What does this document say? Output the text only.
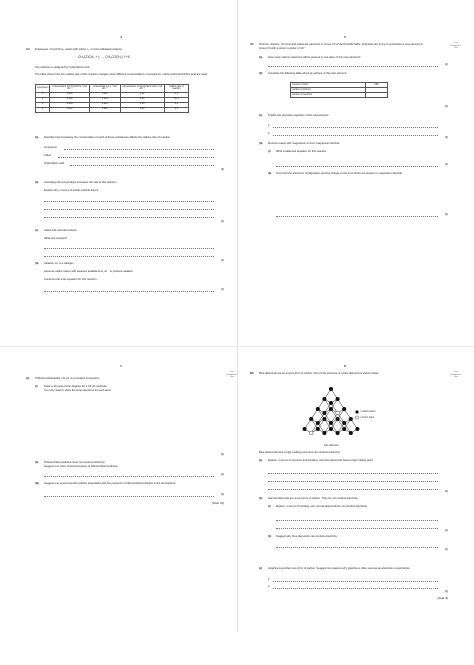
4
A4 Propanone, CH₃COCH₃, reacts with iodine, I₂, to form iodinated products.
CH₃COCH₃ + I₂ → CH₃COCH₂I + HI
The reaction is catalysed by hydrochloric acid.
The table shows how the relative rate of this reaction changes when different concentrations of propanone, iodine and hydrochloric acid are used.
experiment	concentration of CH₃COCH₃ / mol dm⁻³	concentration of I₂ / mol dm⁻³	concentration of hydrochloric acid / mol dm⁻³	relative rate of reaction
1	0.005	0.024	0.12	0.1
2	0.050	0.024	0.12	10.0
3	0.050	0.024	0.06	0.1
4	0.050	0.012	0.06	0.1
(a) Describe how increasing the concentration of each of these substances affects the relative rate of reaction.
propanone
iodine
hydrochloric acid
[3]
(b) Increasing the temperature increases the rate of this reaction.
Explain why, in terms of kinetic particle theory.
[2]
(c) Iodine has several isotopes.
What are isotopes?
[1]
(d) Astatine, At, is a halogen.
Aqueous iodine reacts with aqueous astatide ions, At⁻, to produce astatine.
Construct the ionic equation for this reaction.
[1]
5
For Examiner's Use
A5 Fluorine, chlorine, bromine and iodine are elements in Group VII of the Periodic Table. Scientists are trying to synthesise a new element in Group VII with a proton number of 117.
(a) How many valency electrons will be present in one atom of this new element?
[1]
(b) Complete the following table about an isotope of this new element.
nucleon number	280
number of protons	
number of neutrons	
[2]
(c) Predict two physical properties of this new element.
1
2
[2]
(d) Fluorine reacts with magnesium to form magnesium fluoride.
(i) Write a balanced equation for this reaction.
[1]
(ii) Give both the electronic configuration and the charge on the ions which are present in magnesium fluoride.
[2]
7
For Examiner's Use
(e) Trifluoromethanethiol, CF₃Cl, is a covalent compound.
(i) Draw a 'dot-and-cross' diagram for a CF₃Cl molecule.
You only need to show the outer electrons for each atom.
[2]
(ii) Trifluorochloromethane does not conduct electricity.
Suggest one other physical property of trifluorochloromethane.
[1]
(iii) Suggest one environmental problem associated with the presence of trifluorochloromethane in the atmosphere.
[1]
[Total: 10]
8
For Examiner's Use
B6 Blue diamonds are an impure form of carbon. Part of the structure of a blue diamond is shown below.
= carbon atom
= boron atom
blue diamond
Blue diamonds have a high melting point and can conduct electricity.
(a) Explain, in terms of structure and bonding, why blue diamonds have a high melting point.
[2]
(b) Normal diamonds are a pure form of carbon. They do not conduct electricity.
(i) Explain, in terms of bonding, why normal diamonds do not conduct electricity.
[1]
(ii) Suggest why blue diamonds can conduct electricity.
[1]
(c) Graphite is another pure form of carbon. Suggest two reasons why graphite is often used as an electrode in electrolysis.
1
2
[2]
[Total: 8]
